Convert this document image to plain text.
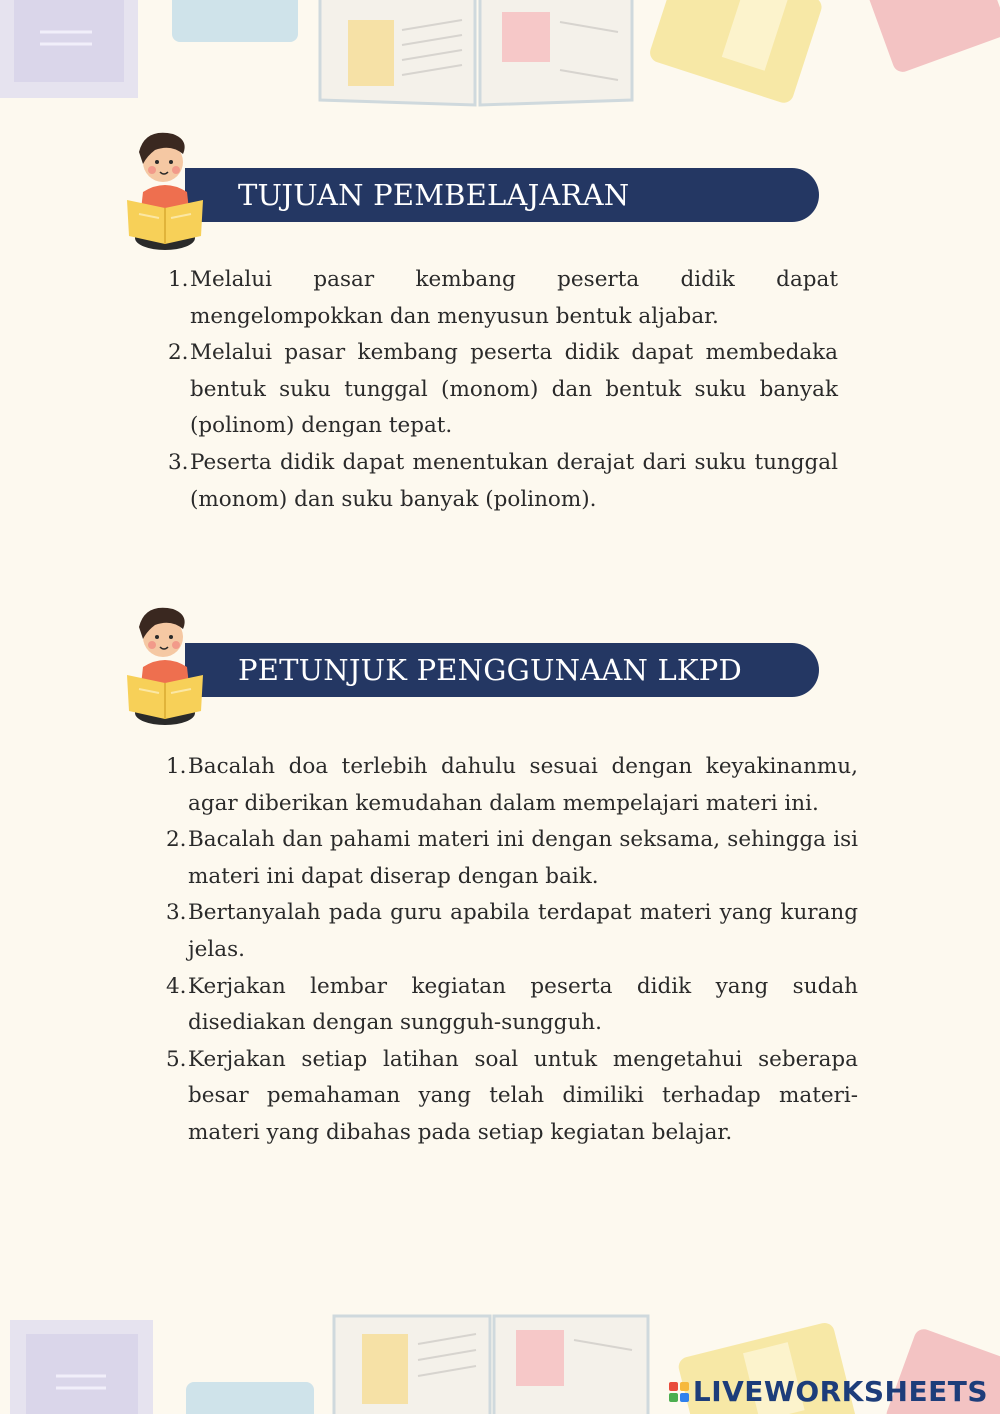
TUJUAN PEMBELAJARAN
1. Melalui pasar kembang peserta didik dapat mengelompokkan dan menyusun bentuk aljabar.
2. Melalui pasar kembang peserta didik dapat membedaka bentuk suku tunggal (monom) dan bentuk suku banyak (polinom) dengan tepat.
3. Peserta didik dapat menentukan derajat dari suku tunggal (monom) dan suku banyak (polinom).
PETUNJUK PENGGUNAAN LKPD
1. Bacalah doa terlebih dahulu sesuai dengan keyakinanmu, agar diberikan kemudahan dalam mempelajari materi ini.
2. Bacalah dan pahami materi ini dengan seksama, sehingga isi materi ini dapat diserap dengan baik.
3. Bertanyalah pada guru apabila terdapat materi yang kurang jelas.
4. Kerjakan lembar kegiatan peserta didik yang sudah disediakan dengan sungguh-sungguh.
5. Kerjakan setiap latihan soal untuk mengetahui seberapa besar pemahaman yang telah dimiliki terhadap materi-materi yang dibahas pada setiap kegiatan belajar.
LIVEWORKSHEETS
